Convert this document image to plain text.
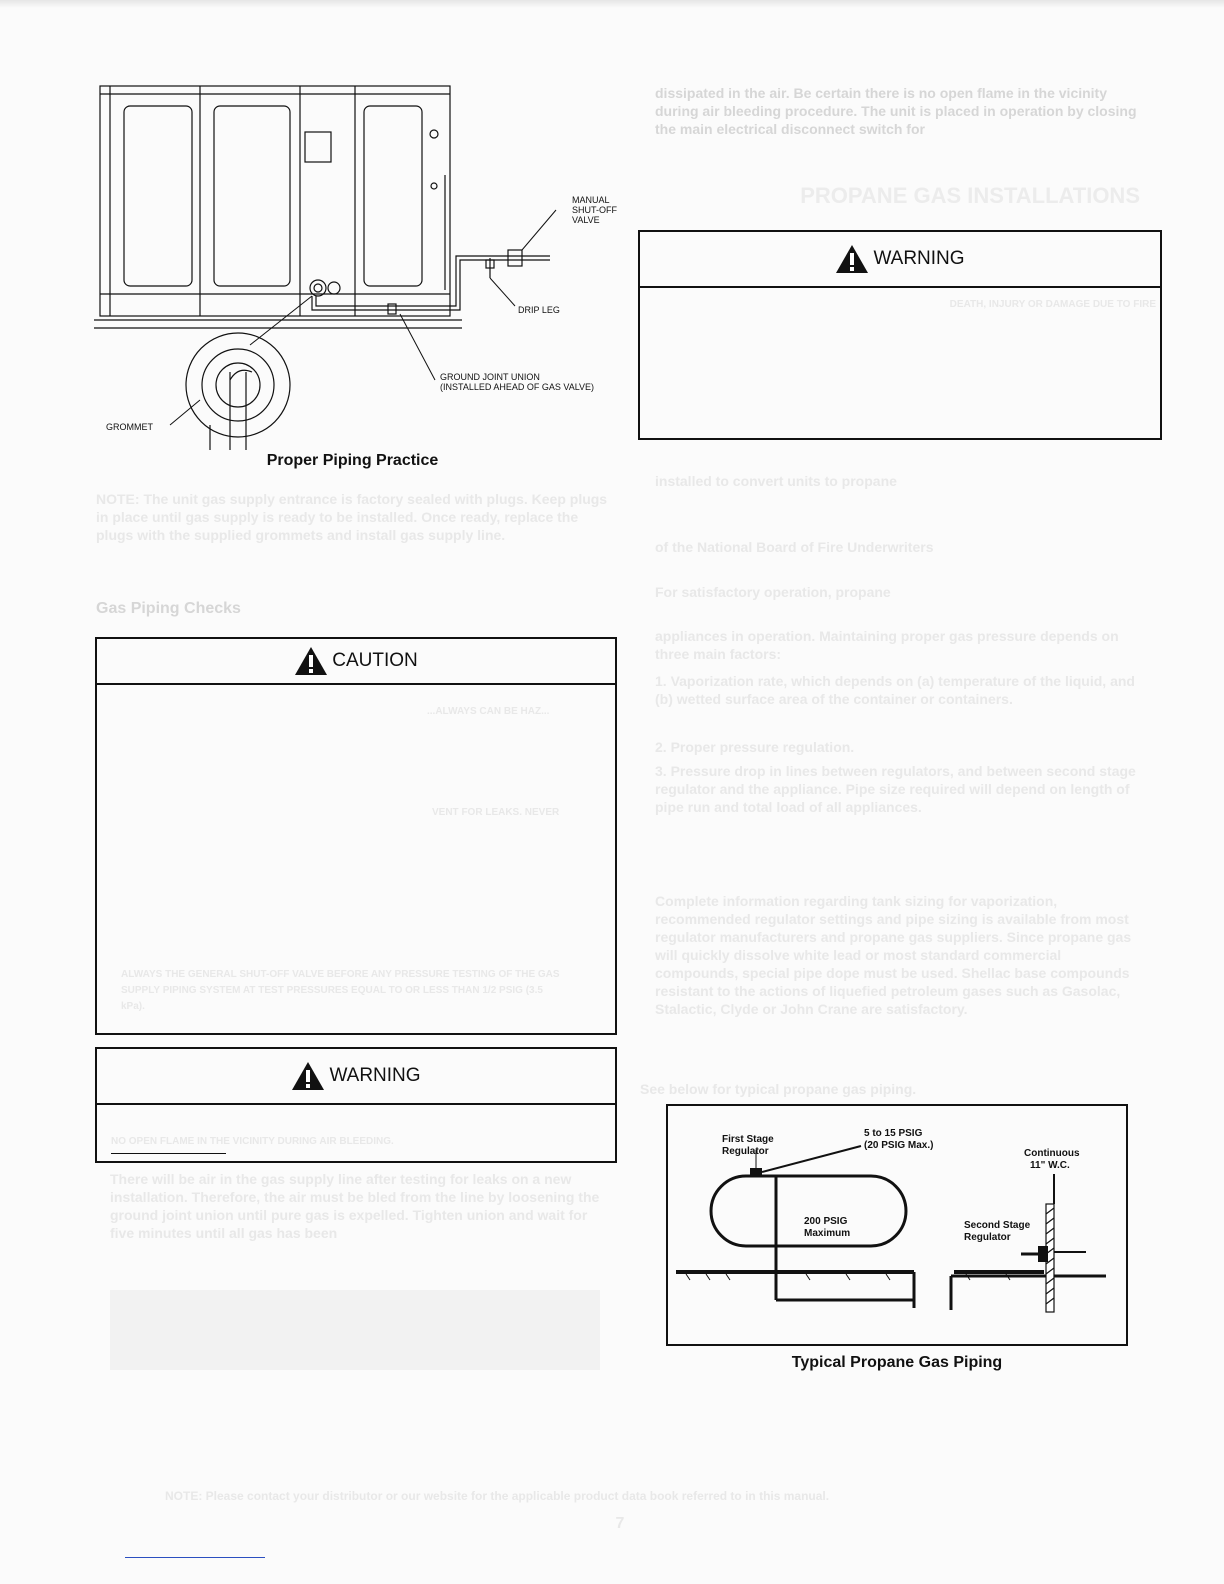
MANUAL
SHUT-OFF
VALVE
DRIP LEG
GROUND JOINT UNION
(INSTALLED AHEAD OF GAS VALVE)
GROMMET
Proper Piping Practice
NOTE: The unit gas supply entrance is factory sealed with plugs. Keep plugs in place until gas supply is ready to be installed. Once ready, replace the plugs with the supplied grommets and install gas supply line.
Gas Piping Checks
CAUTION
...ALWAYS CAN BE HAZ...
VENT FOR LEAKS. NEVER
ALWAYS THE GENERAL SHUT-OFF VALVE BEFORE ANY PRESSURE TESTING OF THE GAS SUPPLY PIPING SYSTEM AT TEST PRESSURES EQUAL TO OR LESS THAN 1/2 PSIG (3.5 kPa).
WARNING
NO OPEN FLAME IN THE VICINITY DURING AIR BLEEDING.
There will be air in the gas supply line after testing for leaks on a new installation. Therefore, the air must be bled from the line by loosening the ground joint union until pure gas is expelled. Tighten union and wait for five minutes until all gas has been
dissipated in the air. Be certain there is no open flame in the vicinity during air bleeding procedure. The unit is placed in operation by closing the main electrical disconnect switch for
PROPANE GAS INSTALLATIONS
WARNING
DEATH, INJURY OR DAMAGE DUE TO FIRE
installed to convert units to propane
of the National Board of Fire Underwriters
For satisfactory operation, propane
appliances in operation. Maintaining proper gas pressure depends on three main factors:
1. Vaporization rate, which depends on (a) temperature of the liquid, and (b) wetted surface area of the container or containers.
2. Proper pressure regulation.
3. Pressure drop in lines between regulators, and between second stage regulator and the appliance. Pipe size required will depend on length of pipe run and total load of all appliances.
Complete information regarding tank sizing for vaporization, recommended regulator settings and pipe sizing is available from most regulator manufacturers and propane gas suppliers. Since propane gas will quickly dissolve white lead or most standard commercial compounds, special pipe dope must be used. Shellac base compounds resistant to the actions of liquefied petroleum gases such as Gasolac, Stalactic, Clyde or John Crane are satisfactory.
See below for typical propane gas piping.
First Stage
Regulator
5 to 15 PSIG
(20 PSIG Max.)
Continuous
11" W.C.
200 PSIG
Maximum
Second Stage
Regulator
Typical Propane Gas Piping
NOTE: Please contact your distributor or our website for the applicable product data book referred to in this manual.
7
